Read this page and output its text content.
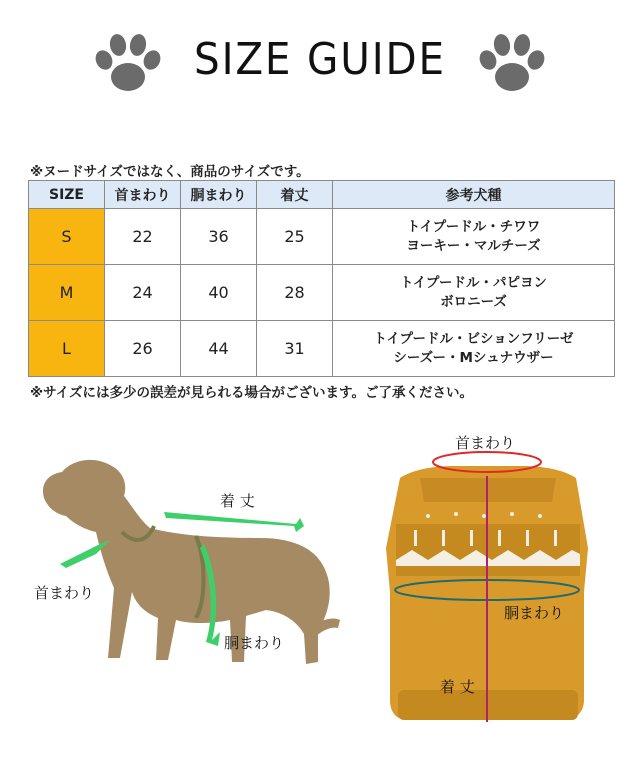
SIZE GUIDE
※ヌードサイズではなく、商品のサイズです。
SIZE	首まわり	胴まわり	着丈	参考犬種
S	22	36	25	トイプードル・チワワ
ヨーキー・マルチーズ

M	24	40	28	トイプードル・パピヨン
ボロニーズ

L	26	44	31	トイプードル・ビションフリーゼ
シーズー・Mシュナウザー
※サイズには多少の誤差が見られる場合がございます。ご了承ください。
着 丈
首まわり
胴まわり
首まわり
胴まわり
着 丈
